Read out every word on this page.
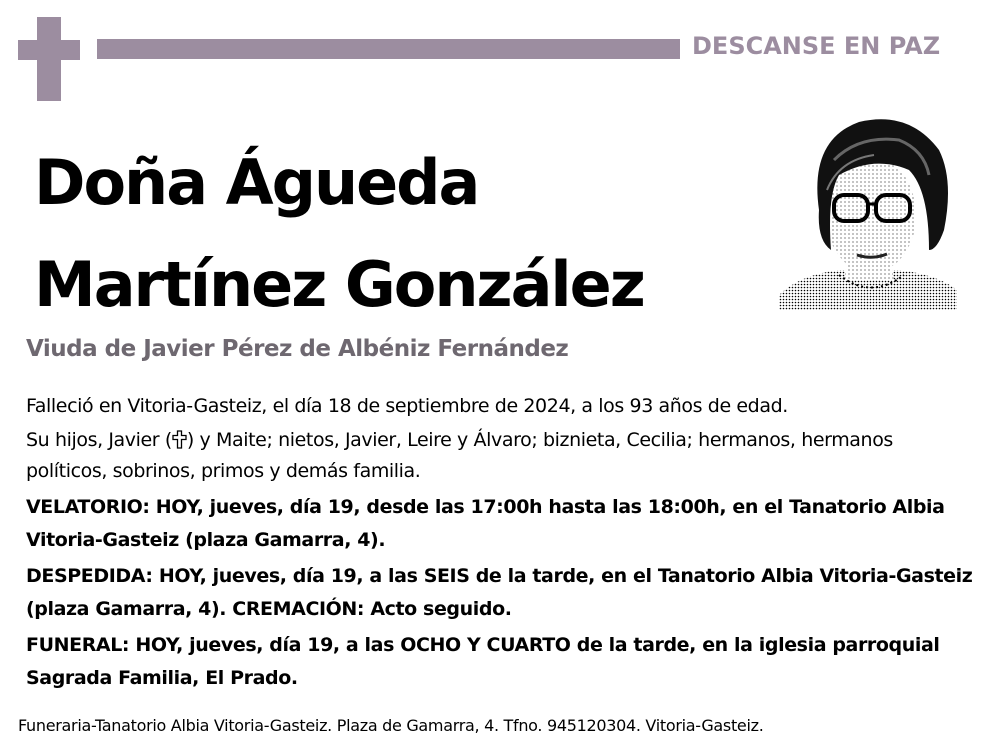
DESCANSE EN PAZ
Doña Águeda
Martínez González
Viuda de Javier Pérez de Albéniz Fernández

Falleció en Vitoria-Gasteiz, el día 18 de septiembre de 2024, a los 93 años de edad.

Su hijos, Javier ( ) y Maite; nietos, Javier, Leire y Álvaro; biznieta, Cecilia; hermanos, hermanos políticos, sobrinos, primos y demás familia.

VELATORIO: HOY, jueves, día 19, desde las 17:00h hasta las 18:00h, en el Tanatorio Albia Vitoria-Gasteiz (plaza Gamarra, 4).

DESPEDIDA: HOY, jueves, día 19, a las SEIS de la tarde, en el Tanatorio Albia Vitoria-Gasteiz (plaza Gamarra, 4). CREMACIÓN: Acto seguido.

FUNERAL: HOY, jueves, día 19, a las OCHO Y CUARTO de la tarde, en la iglesia parroquial Sagrada Familia, El Prado.

Funeraria-Tanatorio Albia Vitoria-Gasteiz. Plaza de Gamarra, 4. Tfno. 945120304. Vitoria-Gasteiz.
